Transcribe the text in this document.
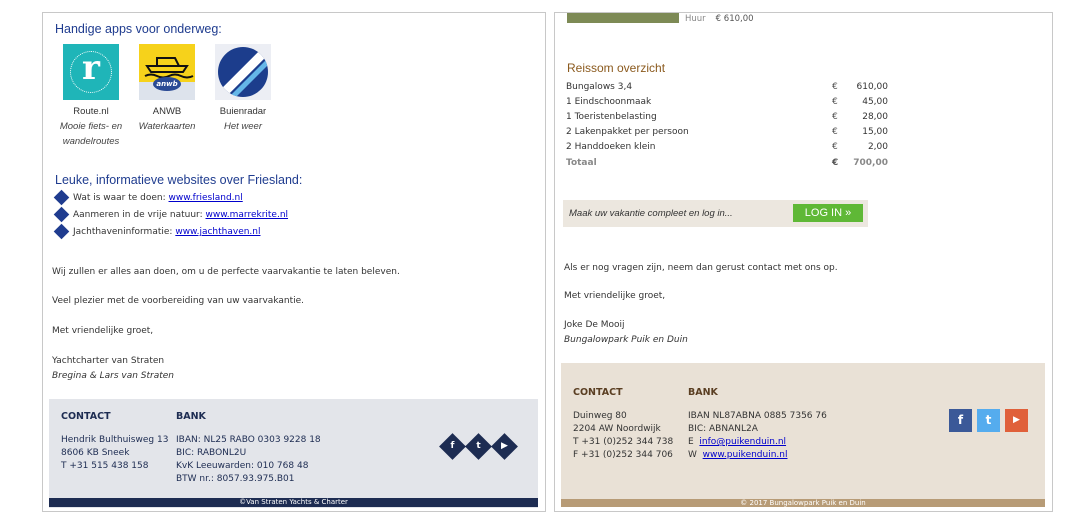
Handige apps voor onderweg:
r
Route.nl
Mooie fiets- en
wandelroutes
anwb
ANWB
Waterkaarten
Buienradar
Het weer
Leuke, informatieve websites over Friesland:
Wat is waar te doen: www.friesland.nl
Aanmeren in de vrije natuur: www.marrekrite.nl
Jachthaveninformatie: www.jachthaven.nl
Wij zullen er alles aan doen, om u de perfecte vaarvakantie te laten beleven.
Veel plezier met de voorbereiding van uw vaarvakantie.
Met vriendelijke groet,
Yachtcharter van Straten
Bregina & Lars van Straten
CONTACT
Hendrik Bulthuisweg 13
8606 KB Sneek
T +31 515 438 158
BANK
IBAN: NL25 RABO 0303 9228 18
BIC: RABONL2U
KvK Leeuwarden: 010 768 48
BTW nr.: 8057.93.975.B01
f	t	▶
©Van Straten Yachts & Charter
Huur € 610,00
Reissom overzicht
Bungalows 3,4	€ 610,00
1 Eindschoonmaak	€	45,00
1 Toeristenbelasting	€	28,00
2 Lakenpakket per persoon	€	15,00
2 Handdoeken klein	€	2,00
Totaal	€ 700,00
Maak uw vakantie compleet en log in...	LOG IN »
Als er nog vragen zijn, neem dan gerust contact met ons op.
Met vriendelijke groet,
Joke De Mooij
Bungalowpark Puik en Duin
CONTACT
Duinweg 80
2204 AW Noordwijk
T +31 (0)252 344 738
F +31 (0)252 344 706
BANK
IBAN NL87ABNA 0885 7356 76
BIC: ABNANL2A
E info@puikenduin.nl
W www.puikenduin.nl
f	t	▶
© 2017 Bungalowpark Puik en Duin
